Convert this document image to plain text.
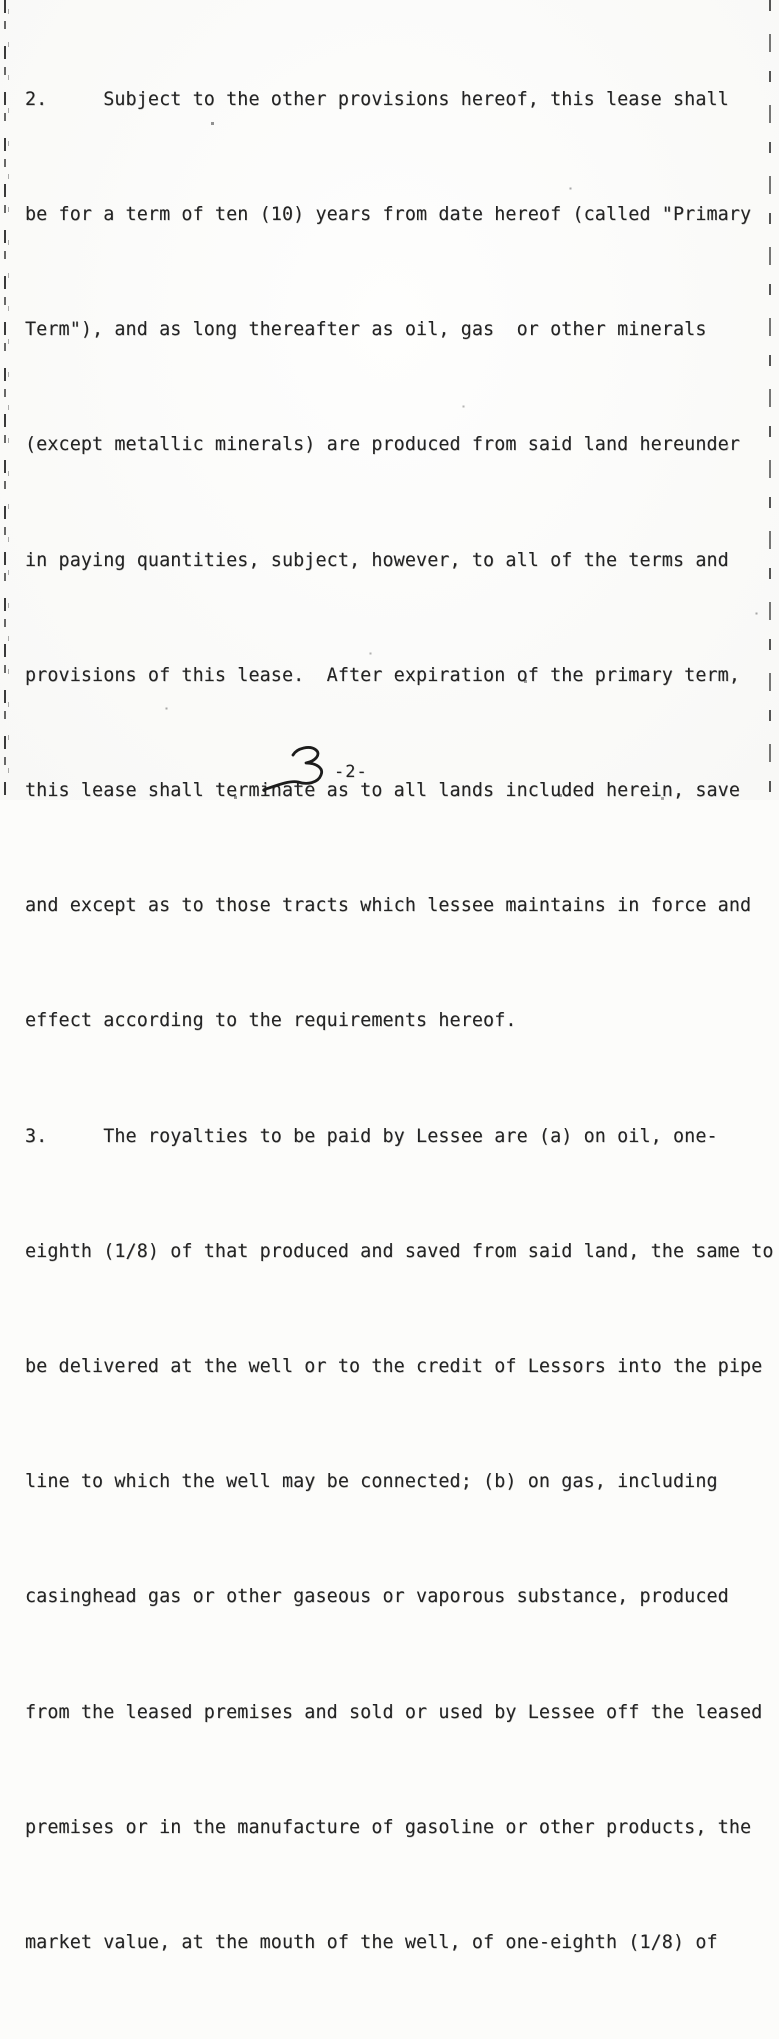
2.     Subject to the other provisions hereof, this lease shall

be for a term of ten (10) years from date hereof (called "Primary

Term"), and as long thereafter as oil, gas  or other minerals

(except metallic minerals) are produced from said land hereunder

in paying quantities, subject, however, to all of the terms and

provisions of this lease.  After expiration of the primary term,

this lease shall terminate as to all lands included herein, save

and except as to those tracts which lessee maintains in force and

effect according to the requirements hereof.

3.     The royalties to be paid by Lessee are (a) on oil, one-

eighth (1/8) of that produced and saved from said land, the same to

be delivered at the well or to the credit of Lessors into the pipe

line to which the well may be connected; (b) on gas, including

casinghead gas or other gaseous or vaporous substance, produced

from the leased premises and sold or used by Lessee off the leased

premises or in the manufacture of gasoline or other products, the

market value, at the mouth of the well, of one-eighth (1/8) of

-2-
